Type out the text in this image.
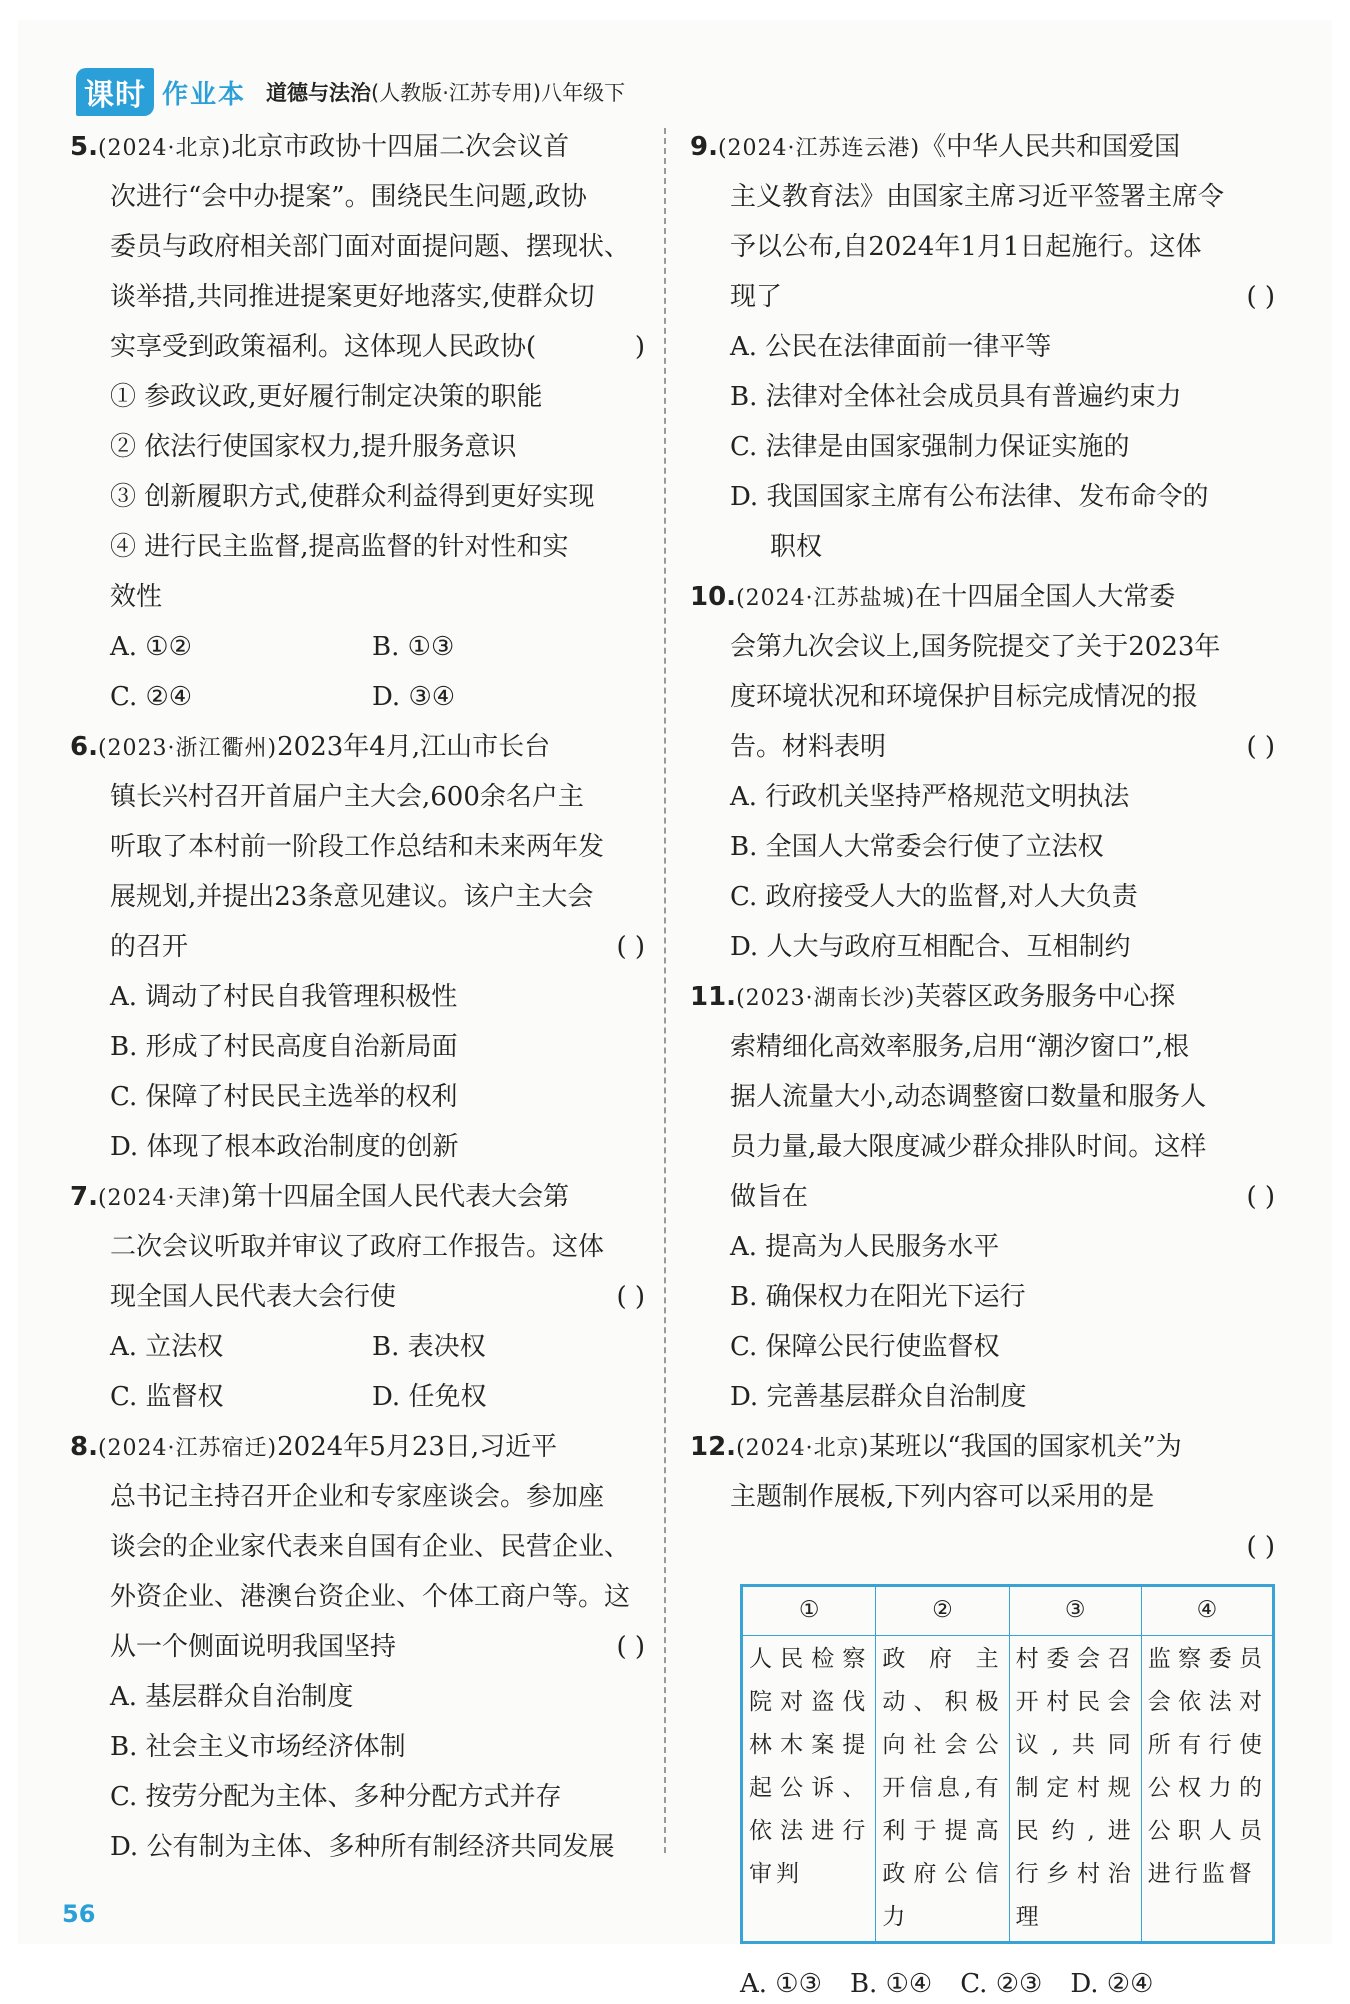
课时 作业本 道德与法治(人教版·江苏专用)八年级下
5.(2024·北京)北京市政协十四届二次会议首
次进行“会中办提案”。围绕民生问题,政协
委员与政府相关部门面对面提问题、摆现状、
谈举措,共同推进提案更好地落实,使群众切
实享受到政策福利。这体现人民政协(	)
① 参政议政,更好履行制定决策的职能
② 依法行使国家权力,提升服务意识
③ 创新履职方式,使群众利益得到更好实现
④ 进行民主监督,提高监督的针对性和实
效性
A. ①②	B. ①③
C. ②④	D. ③④
6.(2023·浙江衢州)2023年4月,江山市长台
镇长兴村召开首届户主大会,600余名户主
听取了本村前一阶段工作总结和未来两年发
展规划,并提出23条意见建议。该户主大会
的召开	( )
A. 调动了村民自我管理积极性
B. 形成了村民高度自治新局面
C. 保障了村民民主选举的权利
D. 体现了根本政治制度的创新
7.(2024·天津)第十四届全国人民代表大会第
二次会议听取并审议了政府工作报告。这体
现全国人民代表大会行使	( )
A. 立法权	B. 表决权
C. 监督权	D. 任免权
8.(2024·江苏宿迁)2024年5月23日,习近平
总书记主持召开企业和专家座谈会。参加座
谈会的企业家代表来自国有企业、民营企业、
外资企业、港澳台资企业、个体工商户等。这
从一个侧面说明我国坚持	( )
A. 基层群众自治制度
B. 社会主义市场经济体制
C. 按劳分配为主体、多种分配方式并存
D. 公有制为主体、多种所有制经济共同发展
9.(2024·江苏连云港)《中华人民共和国爱国
主义教育法》由国家主席习近平签署主席令
予以公布,自2024年1月1日起施行。这体
现了	( )
A. 公民在法律面前一律平等
B. 法律对全体社会成员具有普遍约束力
C. 法律是由国家强制力保证实施的
D. 我国国家主席有公布法律、发布命令的
职权
10.(2024·江苏盐城)在十四届全国人大常委
会第九次会议上,国务院提交了关于2023年
度环境状况和环境保护目标完成情况的报
告。材料表明	( )
A. 行政机关坚持严格规范文明执法
B. 全国人大常委会行使了立法权
C. 政府接受人大的监督,对人大负责
D. 人大与政府互相配合、互相制约
11.(2023·湖南长沙)芙蓉区政务服务中心探
索精细化高效率服务,启用“潮汐窗口”,根
据人流量大小,动态调整窗口数量和服务人
员力量,最大限度减少群众排队时间。这样
做旨在	( )
A. 提高为人民服务水平
B. 确保权力在阳光下运行
C. 保障公民行使监督权
D. 完善基层群众自治制度
12.(2024·北京)某班以“我国的国家机关”为
主题制作展板,下列内容可以采用的是
( )
①	②	③	④
人民检察院对盗伐林木案提起公诉、依法进行审判	政府主动、积极向社会公开信息,有利于提高政府公信力	村委会召开村民会议,共同制定村规民约,进行乡村治理	监察委员会依法对所有行使公权力的公职人员进行监督
A. ①③ B. ①④ C. ②③ D. ②④
56
